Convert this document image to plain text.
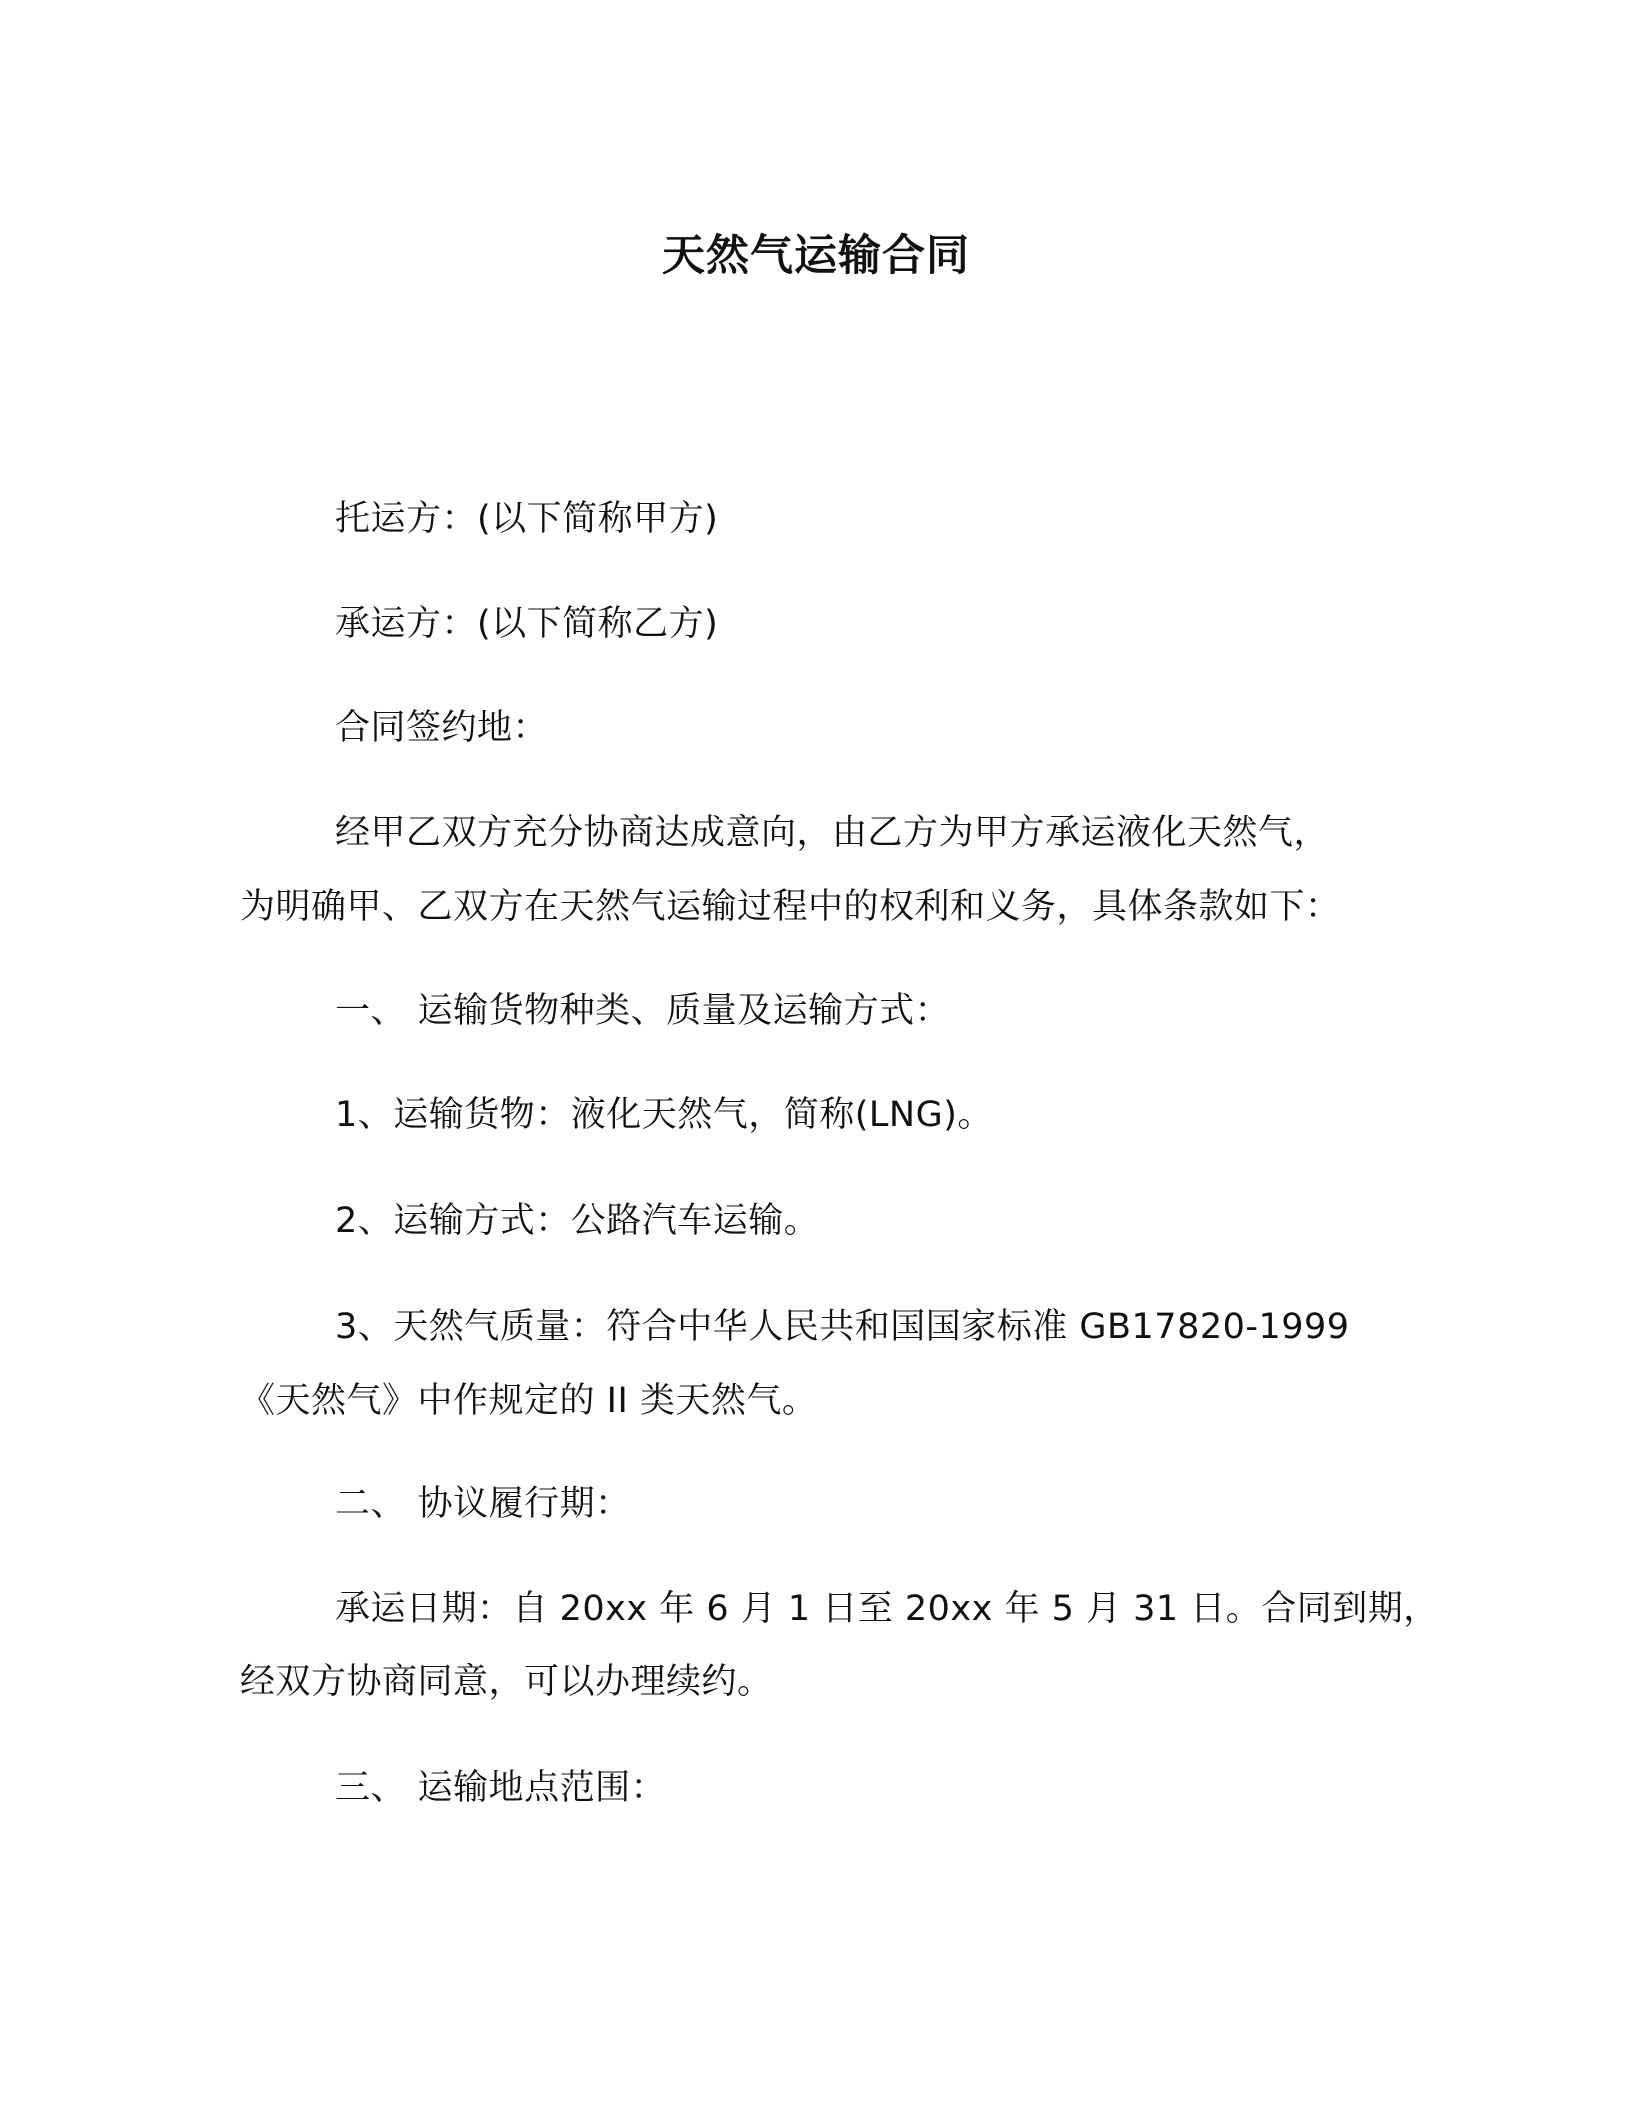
天然气运输合同

托运方：(以下简称甲方)

承运方：(以下简称乙方)

合同签约地：

经甲乙双方充分协商达成意向，由乙方为甲方承运液化天然气，

为明确甲、乙双方在天然气运输过程中的权利和义务，具体条款如下：

一、 运输货物种类、质量及运输方式：

1、运输货物：液化天然气，简称(LNG)。

2、运输方式：公路汽车运输。

3、天然气质量：符合中华人民共和国国家标准 GB17820-1999

《天然气》中作规定的 II 类天然气。

二、 协议履行期：

承运日期：自 20xx 年 6 月 1 日至 20xx 年 5 月 31 日。合同到期，

经双方协商同意，可以办理续约。

三、 运输地点范围：
